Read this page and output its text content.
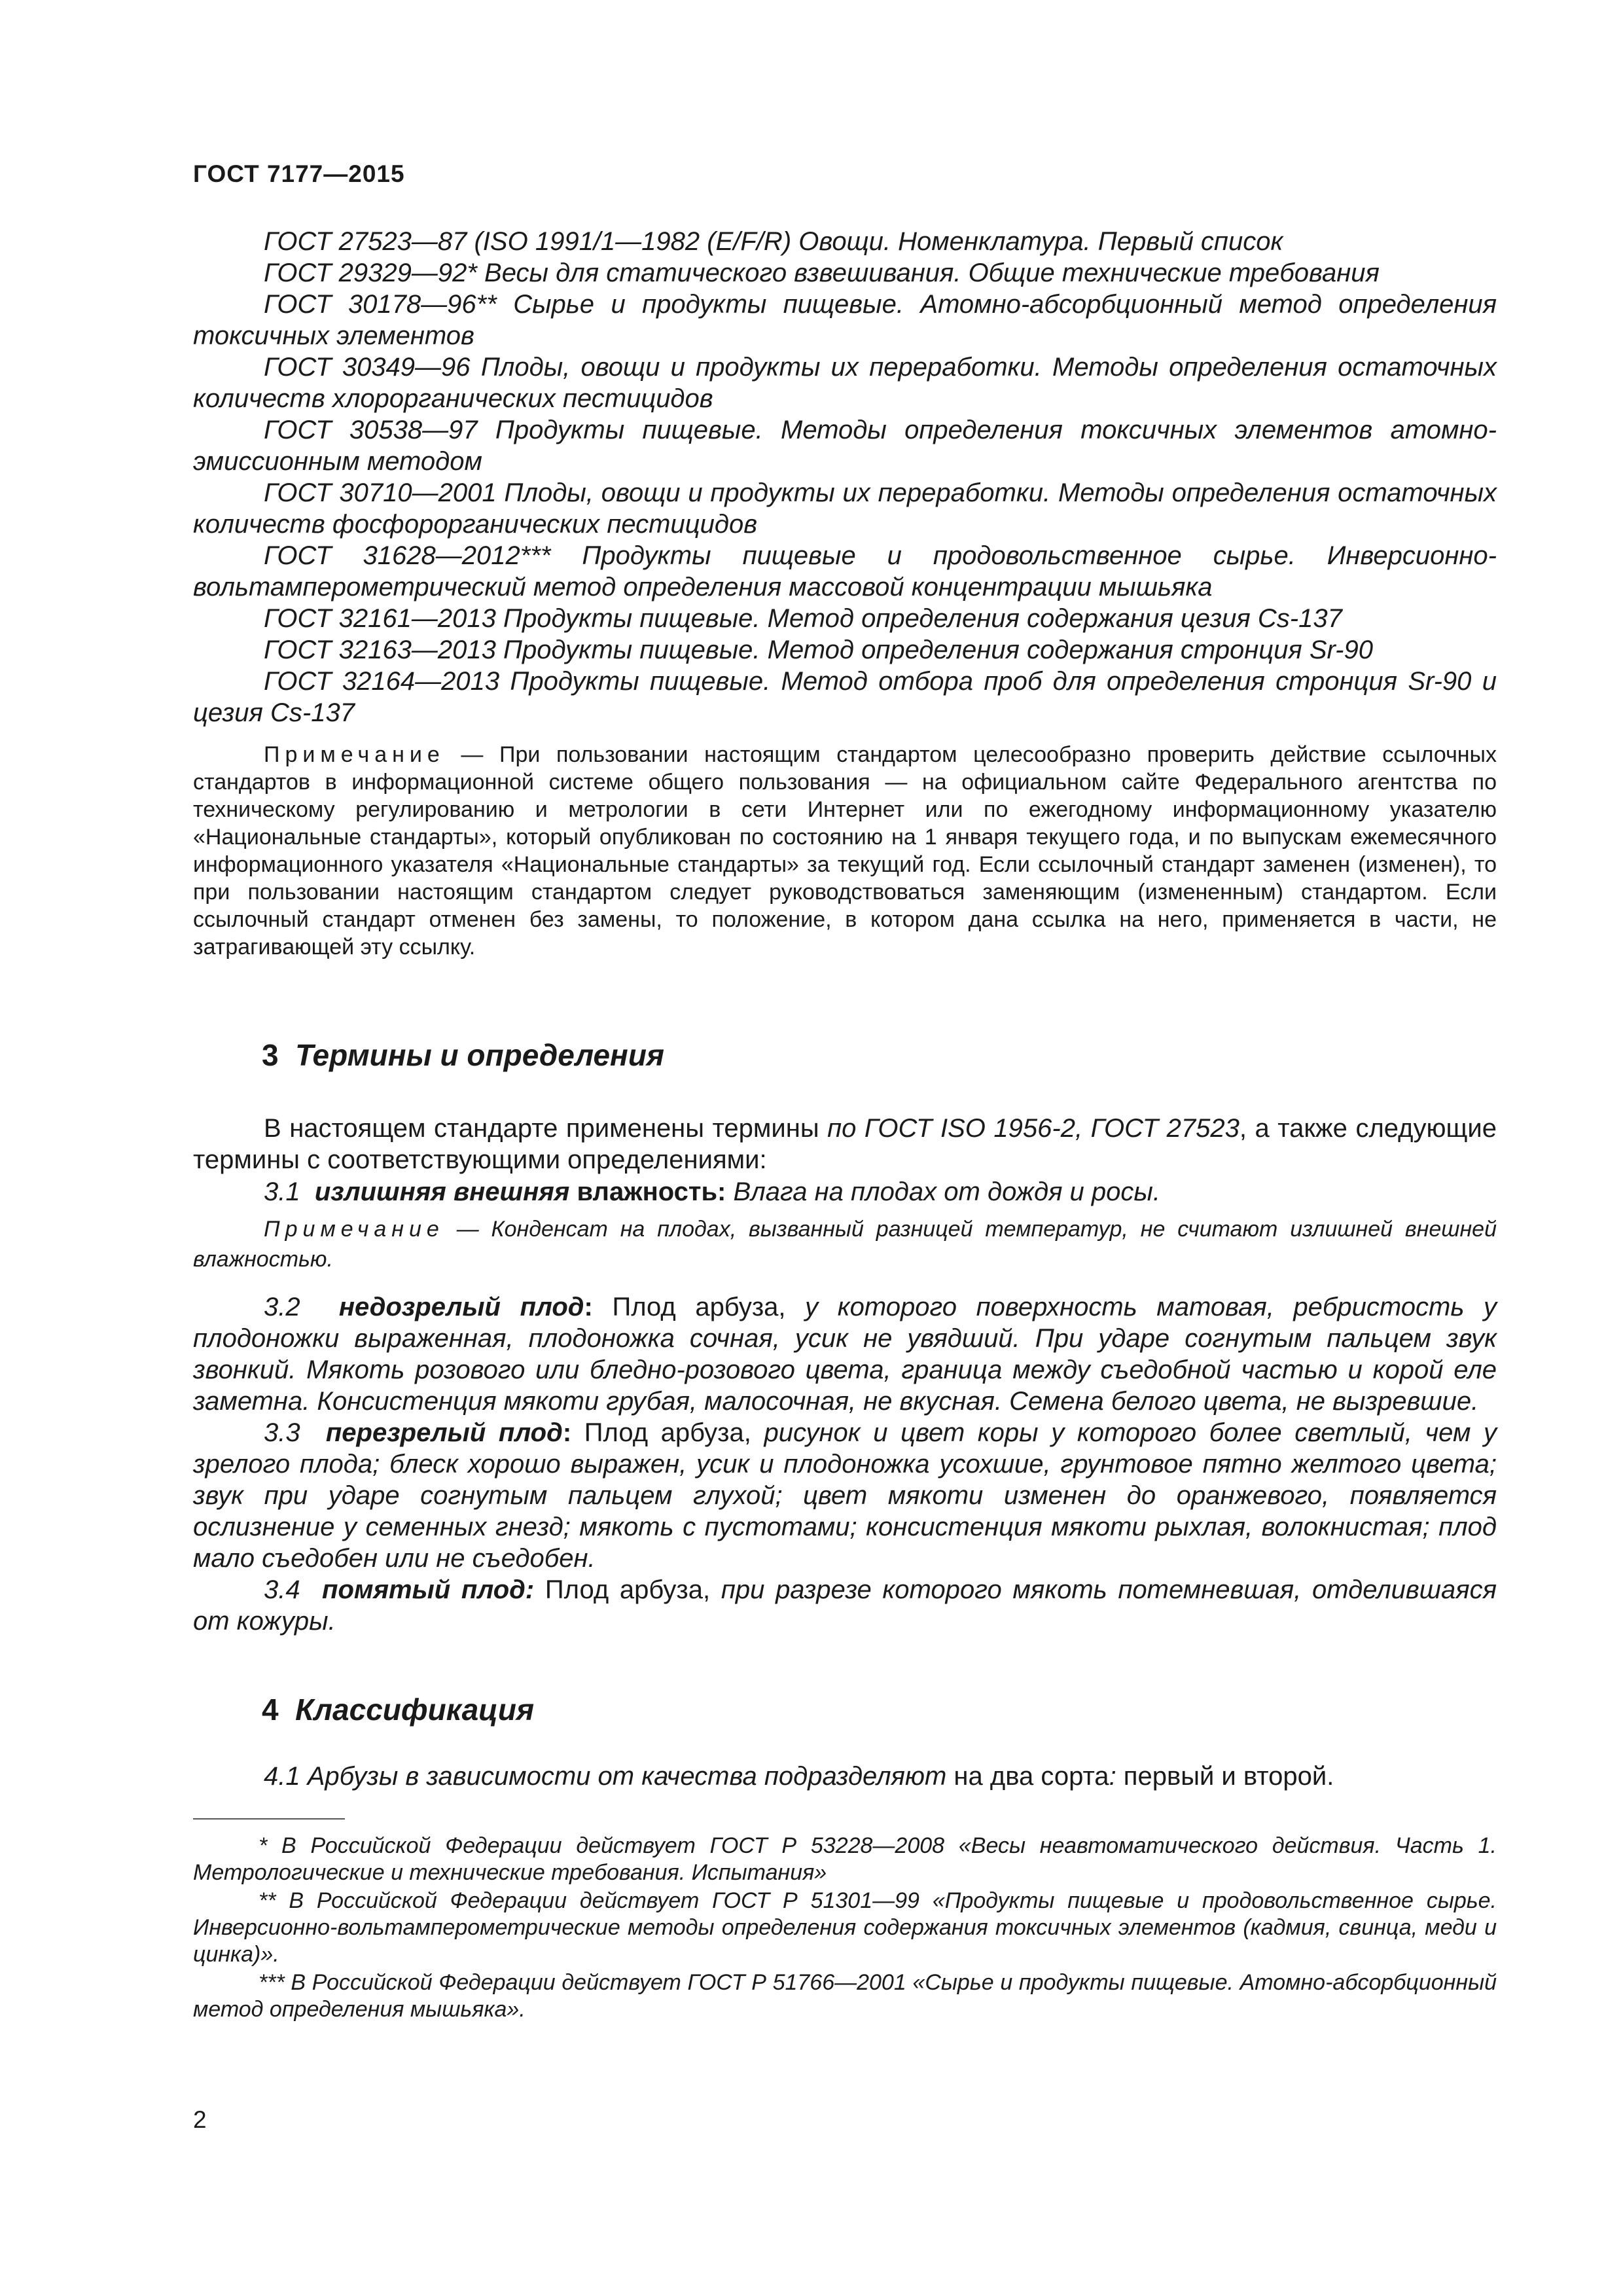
ГОСТ 7177—2015

ГОСТ 27523—87 (ISO 1991/1—1982 (E/F/R) Овощи. Номенклатура. Первый список

ГОСТ 29329—92* Весы для статического взвешивания. Общие технические требования

ГОСТ 30178—96** Сырье и продукты пищевые. Атомно-абсорбционный метод определения токсичных элементов

ГОСТ 30349—96 Плоды, овощи и продукты их переработки. Методы определения остаточных количеств хлорорганических пестицидов

ГОСТ 30538—97 Продукты пищевые. Методы определения токсичных элементов атомно-эмиссионным методом

ГОСТ 30710—2001 Плоды, овощи и продукты их переработки. Методы определения остаточных количеств фосфорорганических пестицидов

ГОСТ 31628—2012*** Продукты пищевые и продовольственное сырье. Инверсионно-вольтамперометрический метод определения массовой концентрации мышьяка

ГОСТ 32161—2013 Продукты пищевые. Метод определения содержания цезия Cs-137

ГОСТ 32163—2013 Продукты пищевые. Метод определения содержания стронция Sr-90

ГОСТ 32164—2013 Продукты пищевые. Метод отбора проб для определения стронция Sr-90 и цезия Cs-137

Примечание — При пользовании настоящим стандартом целесообразно проверить действие ссылочных стандартов в информационной системе общего пользования — на официальном сайте Федерального агентства по техническому регулированию и метрологии в сети Интернет или по ежегодному информационному указателю «Национальные стандарты», который опубликован по состоянию на 1 января текущего года, и по выпускам ежемесячного информационного указателя «Национальные стандарты» за текущий год. Если ссылочный стандарт заменен (изменен), то при пользовании настоящим стандартом следует руководствоваться заменяющим (измененным) стандартом. Если ссылочный стандарт отменен без замены, то положение, в котором дана ссылка на него, применяется в части, не затрагивающей эту ссылку.

3 Термины и определения

В настоящем стандарте применены термины по ГОСТ ISO 1956-2, ГОСТ 27523, а также следующие термины с соответствующими определениями:

3.1 излишняя внешняя влажность: Влага на плодах от дождя и росы.

Примечание — Конденсат на плодах, вызванный разницей температур, не считают излишней внешней влажностью.

3.2 недозрелый плод: Плод арбуза, у которого поверхность матовая, ребристость у плодоножки выраженная, плодоножка сочная, усик не увядший. При ударе согнутым пальцем звук звонкий. Мякоть розового или бледно-розового цвета, граница между съедобной частью и корой еле заметна. Консистенция мякоти грубая, малосочная, не вкусная. Семена белого цвета, не вызревшие.

3.3 перезрелый плод: Плод арбуза, рисунок и цвет коры у которого более светлый, чем у зрелого плода; блеск хорошо выражен, усик и плодоножка усохшие, грунтовое пятно желтого цвета; звук при ударе согнутым пальцем глухой; цвет мякоти изменен до оранжевого, появляется ослизнение у семенных гнезд; мякоть с пустотами; консистенция мякоти рыхлая, волокнистая; плод мало съедобен или не съедобен.

3.4 помятый плод: Плод арбуза, при разрезе которого мякоть потемневшая, отделившаяся от кожуры.

4 Классификация

4.1 Арбузы в зависимости от качества подразделяют на два сорта: первый и второй.

* В Российской Федерации действует ГОСТ Р 53228—2008 «Весы неавтоматического действия. Часть 1. Метрологические и технические требования. Испытания»

** В Российской Федерации действует ГОСТ Р 51301—99 «Продукты пищевые и продовольственное сырье. Инверсионно-вольтамперометрические методы определения содержания токсичных элементов (кадмия, свинца, меди и цинка)».

*** В Российской Федерации действует ГОСТ Р 51766—2001 «Сырье и продукты пищевые. Атомно-абсорбционный метод определения мышьяка».

2
